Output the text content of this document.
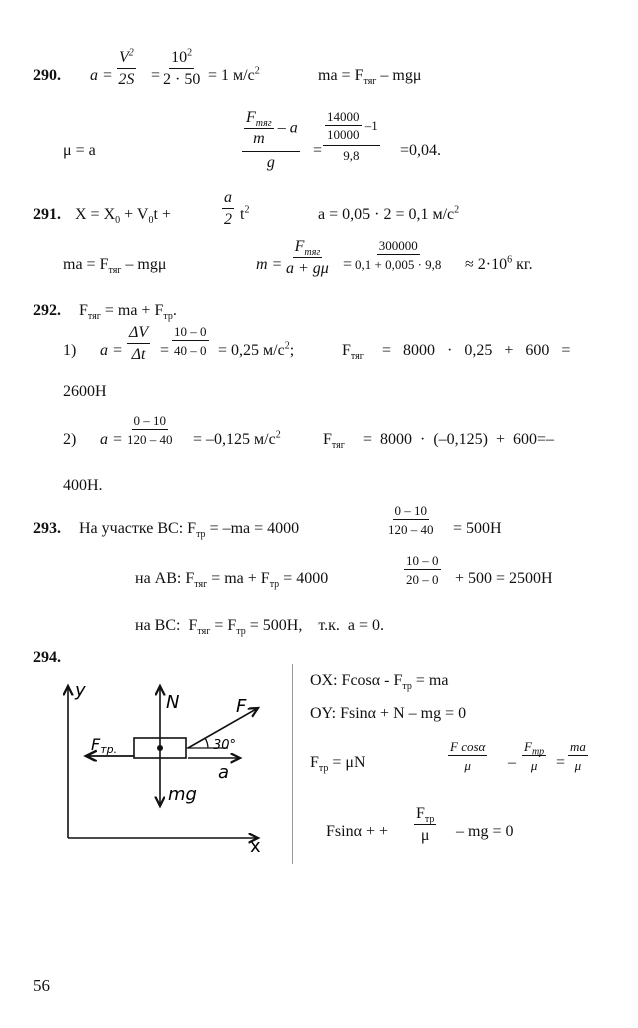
290. a =
$V^2$
2S =
$10^2$
2 · 50 = 1 $м/с^2$	ma = $F_{тяг}$ – mgμ
μ = a
$F_{тяг}$
m
– a
g
=
$\frac{14000}{10000} -1$
9,8	=0,04.
291. $X = X_0 + V_0t$ +
a
2 $t^2$	a = 0,05 · 2 = 0,1 $м/с^2$
ma = $F_{тяг}$ – mgμ	m =
$F_{тяг}$
a + gμ =
300000
$0,1 + 0,005 \cdot 9,8 \approx 2\cdot 10^6$ кг.
292. $F_{тяг}$ = ma + $F_{тр}$.
1) a =
ΔV
Δt =
10 – 0
40 – 0 = 0,25 $м/с^2$;	$F_{тяг} = 8000 \cdot 0,25 + 600$   =
2600Н
2) a =
0 – 10
120 – 40 = –0,125 $м/с^2$	$F_{тяг} = 8000 \cdot (-0,125) + 600=-$
400Н.
293. На участке ВС: $F_{тр} = -ma = 4000$
0 – 10
120 – 40 = 500Н
на АВ: $F_{тяг}$ = ma + $F_{тр} = 4000$
10 – 0
20 – 0 + 500 = 2500Н
на ВС:  $F_{тяг} = F_{тр} = 500Н$,    т.к.  a = 0.
294.
y
x
N
mg
F
30°
Fтр.
a
OX: Fcosα - $F_{тр}$ = ma
OY: Fsinα + N – mg = 0
$F_{тр} = \mu N$
F cosα
μ –
$F_{тр}$
μ =
ma
μ
Fsinα + +
$F_{тр}$
μ – mg = 0
56
